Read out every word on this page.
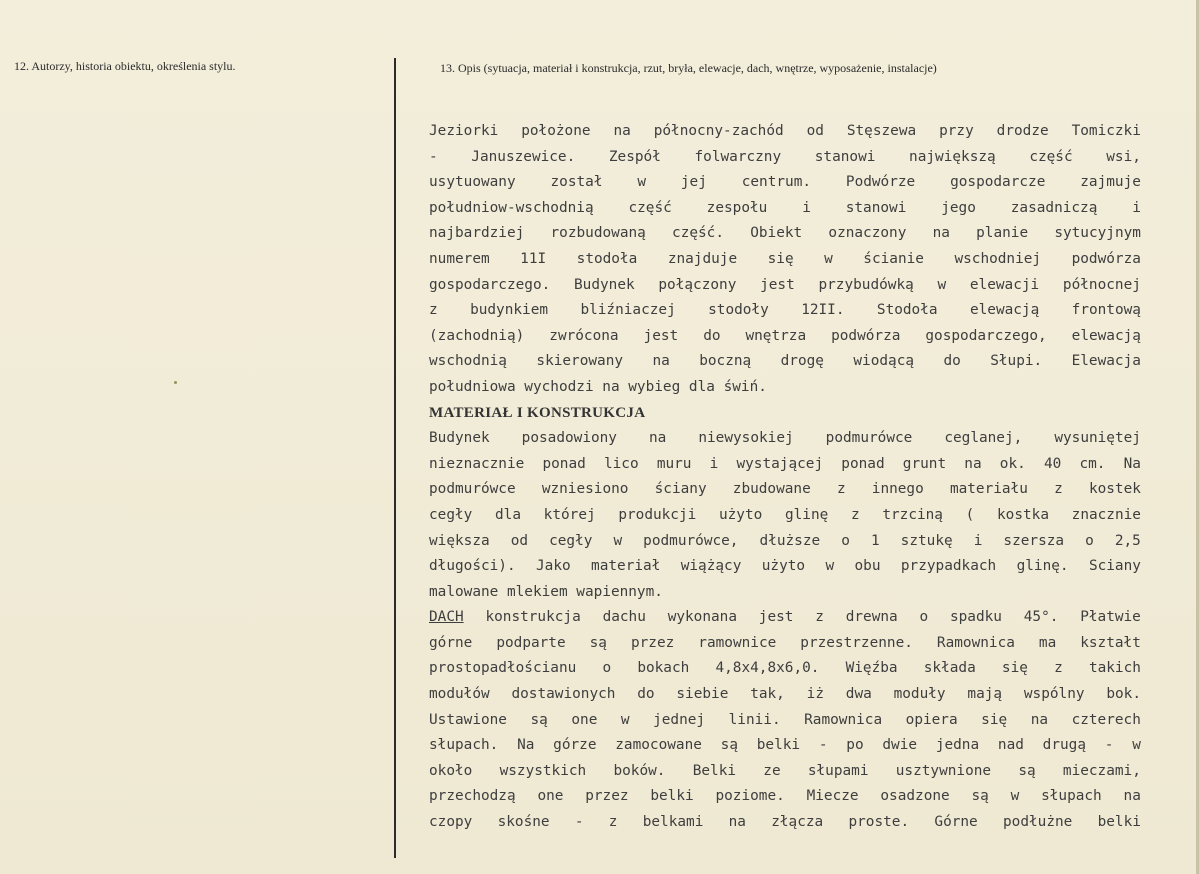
12. Autorzy, historia obiektu, określenia stylu.	13. Opis (sytuacja, materiał i konstrukcja, rzut, bryła, elewacje, dach, wnętrze, wyposażenie, instalacje)
Jeziorki położone na północny-zachód od Stęszewa przy drodze Tomiczki
- Januszewice. Zespół folwarczny stanowi największą część wsi,
usytuowany został w jej centrum. Podwórze gospodarcze zajmuje
południow-wschodnią część zespołu i stanowi jego zasadniczą i
najbardziej rozbudowaną część. Obiekt oznaczony na planie sytucyjnym
numerem 11I stodoła znajduje się w ścianie wschodniej podwórza
gospodarczego. Budynek połączony jest przybudówką w elewacji północnej
z budynkiem bliźniaczej stodoły 12II. Stodoła elewacją frontową
(zachodnią) zwrócona jest do wnętrza podwórza gospodarczego, elewacją
wschodnią skierowany na boczną drogę wiodącą do Słupi. Elewacja
południowa wychodzi na wybieg dla świń.
MATERIAŁ I KONSTRUKCJA
Budynek posadowiony na niewysokiej podmurówce ceglanej, wysuniętej
nieznacznie ponad lico muru i wystającej ponad grunt na ok. 40 cm. Na
podmurówce wzniesiono ściany zbudowane z innego materiału z kostek
cegły dla której produkcji użyto glinę z trzciną ( kostka znacznie
większa od cegły w podmurówce, dłuższe o 1 sztukę i szersza o 2,5
długości). Jako materiał wiążący użyto w obu przypadkach glinę. Sciany
malowane mlekiem wapiennym.
DACH konstrukcja dachu wykonana jest z drewna o spadku 45°. Płatwie
górne podparte są przez ramownice przestrzenne. Ramownica ma kształt
prostopadłościanu o bokach 4,8x4,8x6,0. Więźba składa się z takich
modułów dostawionych do siebie tak, iż dwa moduły mają wspólny bok.
Ustawione są one w jednej linii. Ramownica opiera się na czterech
słupach. Na górze zamocowane są belki - po dwie jedna nad drugą - w
około wszystkich boków. Belki ze słupami usztywnione są mieczami,
przechodzą one przez belki poziome. Miecze osadzone są w słupach na
czopy skośne - z belkami na złącza proste. Górne podłużne belki
